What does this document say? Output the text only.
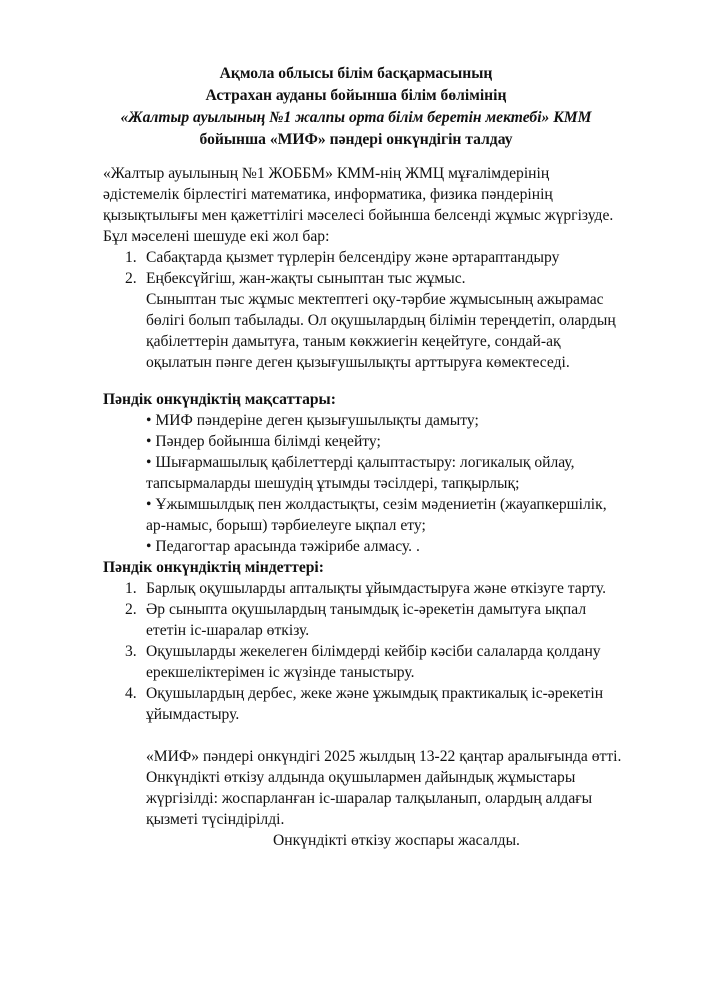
Ақмола облысы білім басқармасының
Астрахан ауданы бойынша білім бөлімінің
«Жалтыр ауылының №1 жалпы орта білім беретін мектебі» КММ
бойынша «МИФ» пәндері онкүндігін талдау
«Жалтыр ауылының №1 ЖОББМ» КММ-нің ЖМЦ мұғалімдерінің
әдістемелік бірлестігі математика, информатика, физика пәндерінің
қызықтылығы мен қажеттілігі мәселесі бойынша белсенді жұмыс жүргізуде.
Бұл мәселені шешуде екі жол бар:
1. Сабақтарда қызмет түрлерін белсендіру және әртараптандыру
2. Еңбексүйгіш, жан-жақты сыныптан тыс жұмыс.
Сыныптан тыс жұмыс мектептегі оқу-тәрбие жұмысының ажырамас
бөлігі болып табылады. Ол оқушылардың білімін тереңдетіп, олардың
қабілеттерін дамытуға, таным көкжиегін кеңейтуге, сондай-ақ
оқылатын пәнге деген қызығушылықты арттыруға көмектеседі.
Пәндік онкүндіктің мақсаттары:
• МИФ пәндеріне деген қызығушылықты дамыту;
• Пәндер бойынша білімді кеңейту;
• Шығармашылық қабілеттерді қалыптастыру: логикалық ойлау,
тапсырмаларды шешудің ұтымды тәсілдері, тапқырлық;
• Ұжымшылдық пен жолдастықты, сезім мәдениетін (жауапкершілік,
ар-намыс, борыш) тәрбиелеуге ықпал ету;
• Педагогтар арасында тәжірибе алмасу. .
Пәндік онкүндіктің міндеттері:
1. Барлық оқушыларды апталықты ұйымдастыруға және өткізуге тарту.
2. Әр сыныпта оқушылардың танымдық іс-әрекетін дамытуға ықпал
ететін іс-шаралар өткізу.
3. Оқушыларды жекелеген білімдерді кейбір кәсіби салаларда қолдану
ерекшеліктерімен іс жүзінде таныстыру.
4. Оқушылардың дербес, жеке және ұжымдық практикалық іс-әрекетін
ұйымдастыру.
«МИФ» пәндері онкүндігі 2025 жылдың 13-22 қаңтар аралығында өтті.
Онкүндікті өткізу алдында оқушылармен дайындық жұмыстары
жүргізілді: жоспарланған іс-шаралар талқыланып, олардың алдағы
қызметі түсіндірілді.
Онкүндікті өткізу жоспары жасалды.
